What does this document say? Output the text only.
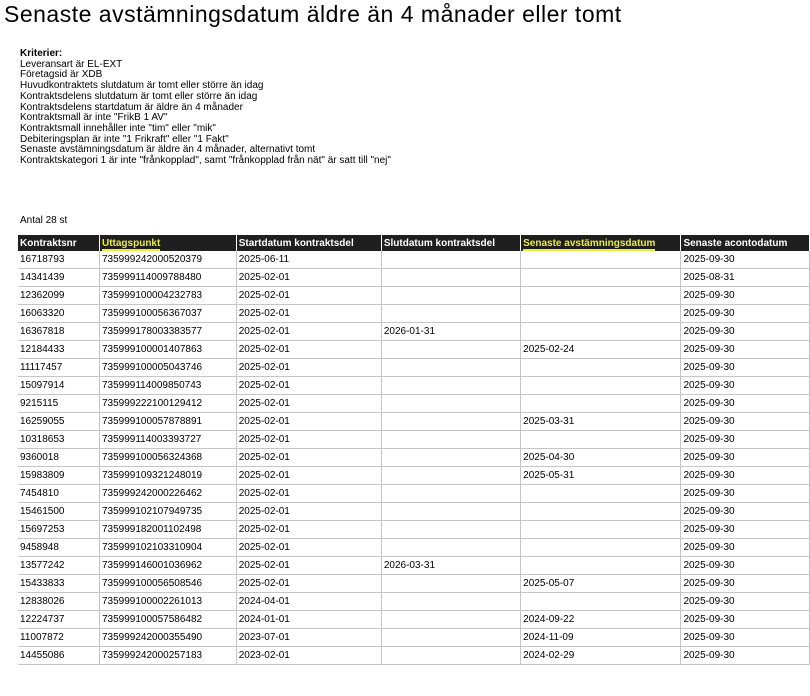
Senaste avstämningsdatum äldre än 4 månader eller tomt
Kriterier:
Leveransart är EL-EXT
Företagsid är XDB
Huvudkontraktets slutdatum är tomt eller större än idag
Kontraktsdelens slutdatum är tomt eller större än idag
Kontraktsdelens startdatum är äldre än 4 månader
Kontraktsmall är inte "FrikB 1 AV"
Kontraktsmall innehåller inte "tim" eller "mik"
Debiteringsplan är inte "1 Frikraft" eller "1 Fakt"
Senaste avstämningsdatum är äldre än 4 månader, alternativt tomt
Kontraktskategori 1 är inte "frånkopplad", samt "frånkopplad från nät" är satt till "nej"
Antal 28 st
Kontraktsnr	Uttagspunkt	Startdatum kontraktsdel	Slutdatum kontraktsdel	Senaste avstämningsdatum	Senaste acontodatum
16718793	735999242000520379	2025-06-11			2025-09-30
14341439	735999114009788480	2025-02-01			2025-08-31
12362099	735999100004232783	2025-02-01			2025-09-30
16063320	735999100056367037	2025-02-01			2025-09-30
16367818	735999178003383577	2025-02-01	2026-01-31		2025-09-30
12184433	735999100001407863	2025-02-01		2025-02-24	2025-09-30
11117457	735999100005043746	2025-02-01			2025-09-30
15097914	735999114009850743	2025-02-01			2025-09-30
9215115	735999222100129412	2025-02-01			2025-09-30
16259055	735999100057878891	2025-02-01		2025-03-31	2025-09-30
10318653	735999114003393727	2025-02-01			2025-09-30
9360018	735999100056324368	2025-02-01		2025-04-30	2025-09-30
15983809	735999109321248019	2025-02-01		2025-05-31	2025-09-30
7454810	735999242000226462	2025-02-01			2025-09-30
15461500	735999102107949735	2025-02-01			2025-09-30
15697253	735999182001102498	2025-02-01			2025-09-30
9458948	735999102103310904	2025-02-01			2025-09-30
13577242	735999146001036962	2025-02-01	2026-03-31		2025-09-30
15433833	735999100056508546	2025-02-01		2025-05-07	2025-09-30
12838026	735999100002261013	2024-04-01			2025-09-30
12224737	735999100057586482	2024-01-01		2024-09-22	2025-09-30
11007872	735999242000355490	2023-07-01		2024-11-09	2025-09-30
14455086	735999242000257183	2023-02-01		2024-02-29	2025-09-30
